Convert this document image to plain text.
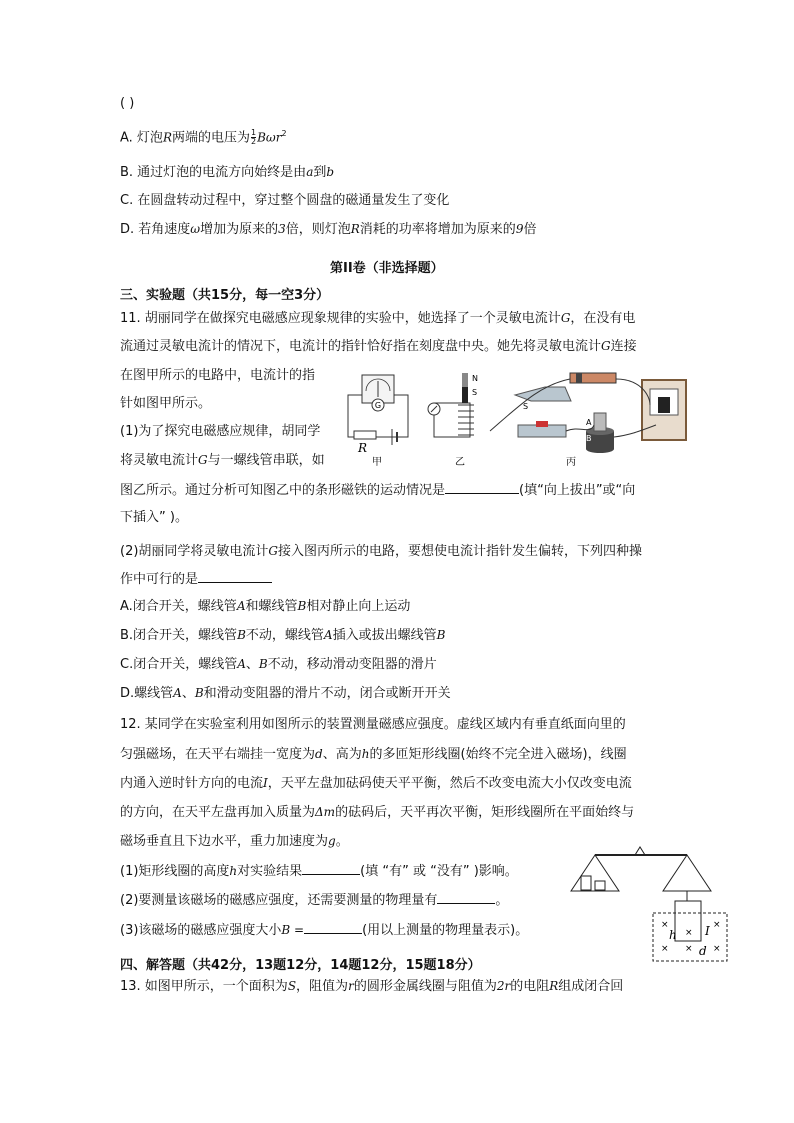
( )
A. 灯泡R两端的电压为 $\frac{1}{2} B\omega r^2$
B. 通过灯泡的电流方向始终是由a到b
C. 在圆盘转动过程中，穿过整个圆盘的磁通量发生了变化
D. 若角速度ω增加为原来的3倍，则灯泡R消耗的功率将增加为原来的9倍
第II卷（非选择题）
三、实验题（共15分，每一空3分）
11. 胡丽同学在做探究电磁感应现象规律的实验中，她选择了一个灵敏电流计G，在没有电
流通过灵敏电流计的情况下，电流计的指针恰好指在刻度盘中央。她先将灵敏电流计G连接
在图甲所示的电路中，电流计的指
针如图甲所示。
(1)为了探究电磁感应规律，胡同学
将灵敏电流计G与一螺线管串联，如
图乙所示。通过分析可知图乙中的条形磁铁的运动情况是	(填“向上拔出”或“向
下插入” )。
(2)胡丽同学将灵敏电流计G接入图丙所示的电路，要想使电流计指针发生偏转，下列四种操
作中可行的是
A.闭合开关，螺线管A和螺线管B相对静止向上运动
B.闭合开关，螺线管B不动，螺线管A插入或拔出螺线管B
C.闭合开关，螺线管A、B不动，移动滑动变阻器的滑片
D.螺线管A、B和滑动变阻器的滑片不动，闭合或断开开关
G
R
甲
N
S
乙
S
A
B
丙
12. 某同学在实验室利用如图所示的装置测量磁感应强度。虚线区域内有垂直纸面向里的
匀强磁场，在天平右端挂一宽度为d、高为h的多匝矩形线圈(始终不完全进入磁场)，线圈
内通入逆时针方向的电流I，天平左盘加砝码使天平平衡，然后不改变电流大小仅改变电流
的方向，在天平左盘再加入质量为Δm的砝码后，天平再次平衡，矩形线圈所在平面始终与
磁场垂直且下边水平，重力加速度为g。
(1)矩形线圈的高度h对实验结果	(填 “有” 或 “没有” )影响。
(2)要测量该磁场的磁感应强度，还需要测量的物理量有	。
(3)该磁场的磁感应强度大小B =	(用以上测量的物理量表示)。	×	×
×	×
×
×
h I
d
四、解答题（共42分，13题12分，14题12分，15题18分）
13. 如图甲所示，一个面积为S，阻值为r的圆形金属线圈与阻值为2r的电阻R组成闭合回
